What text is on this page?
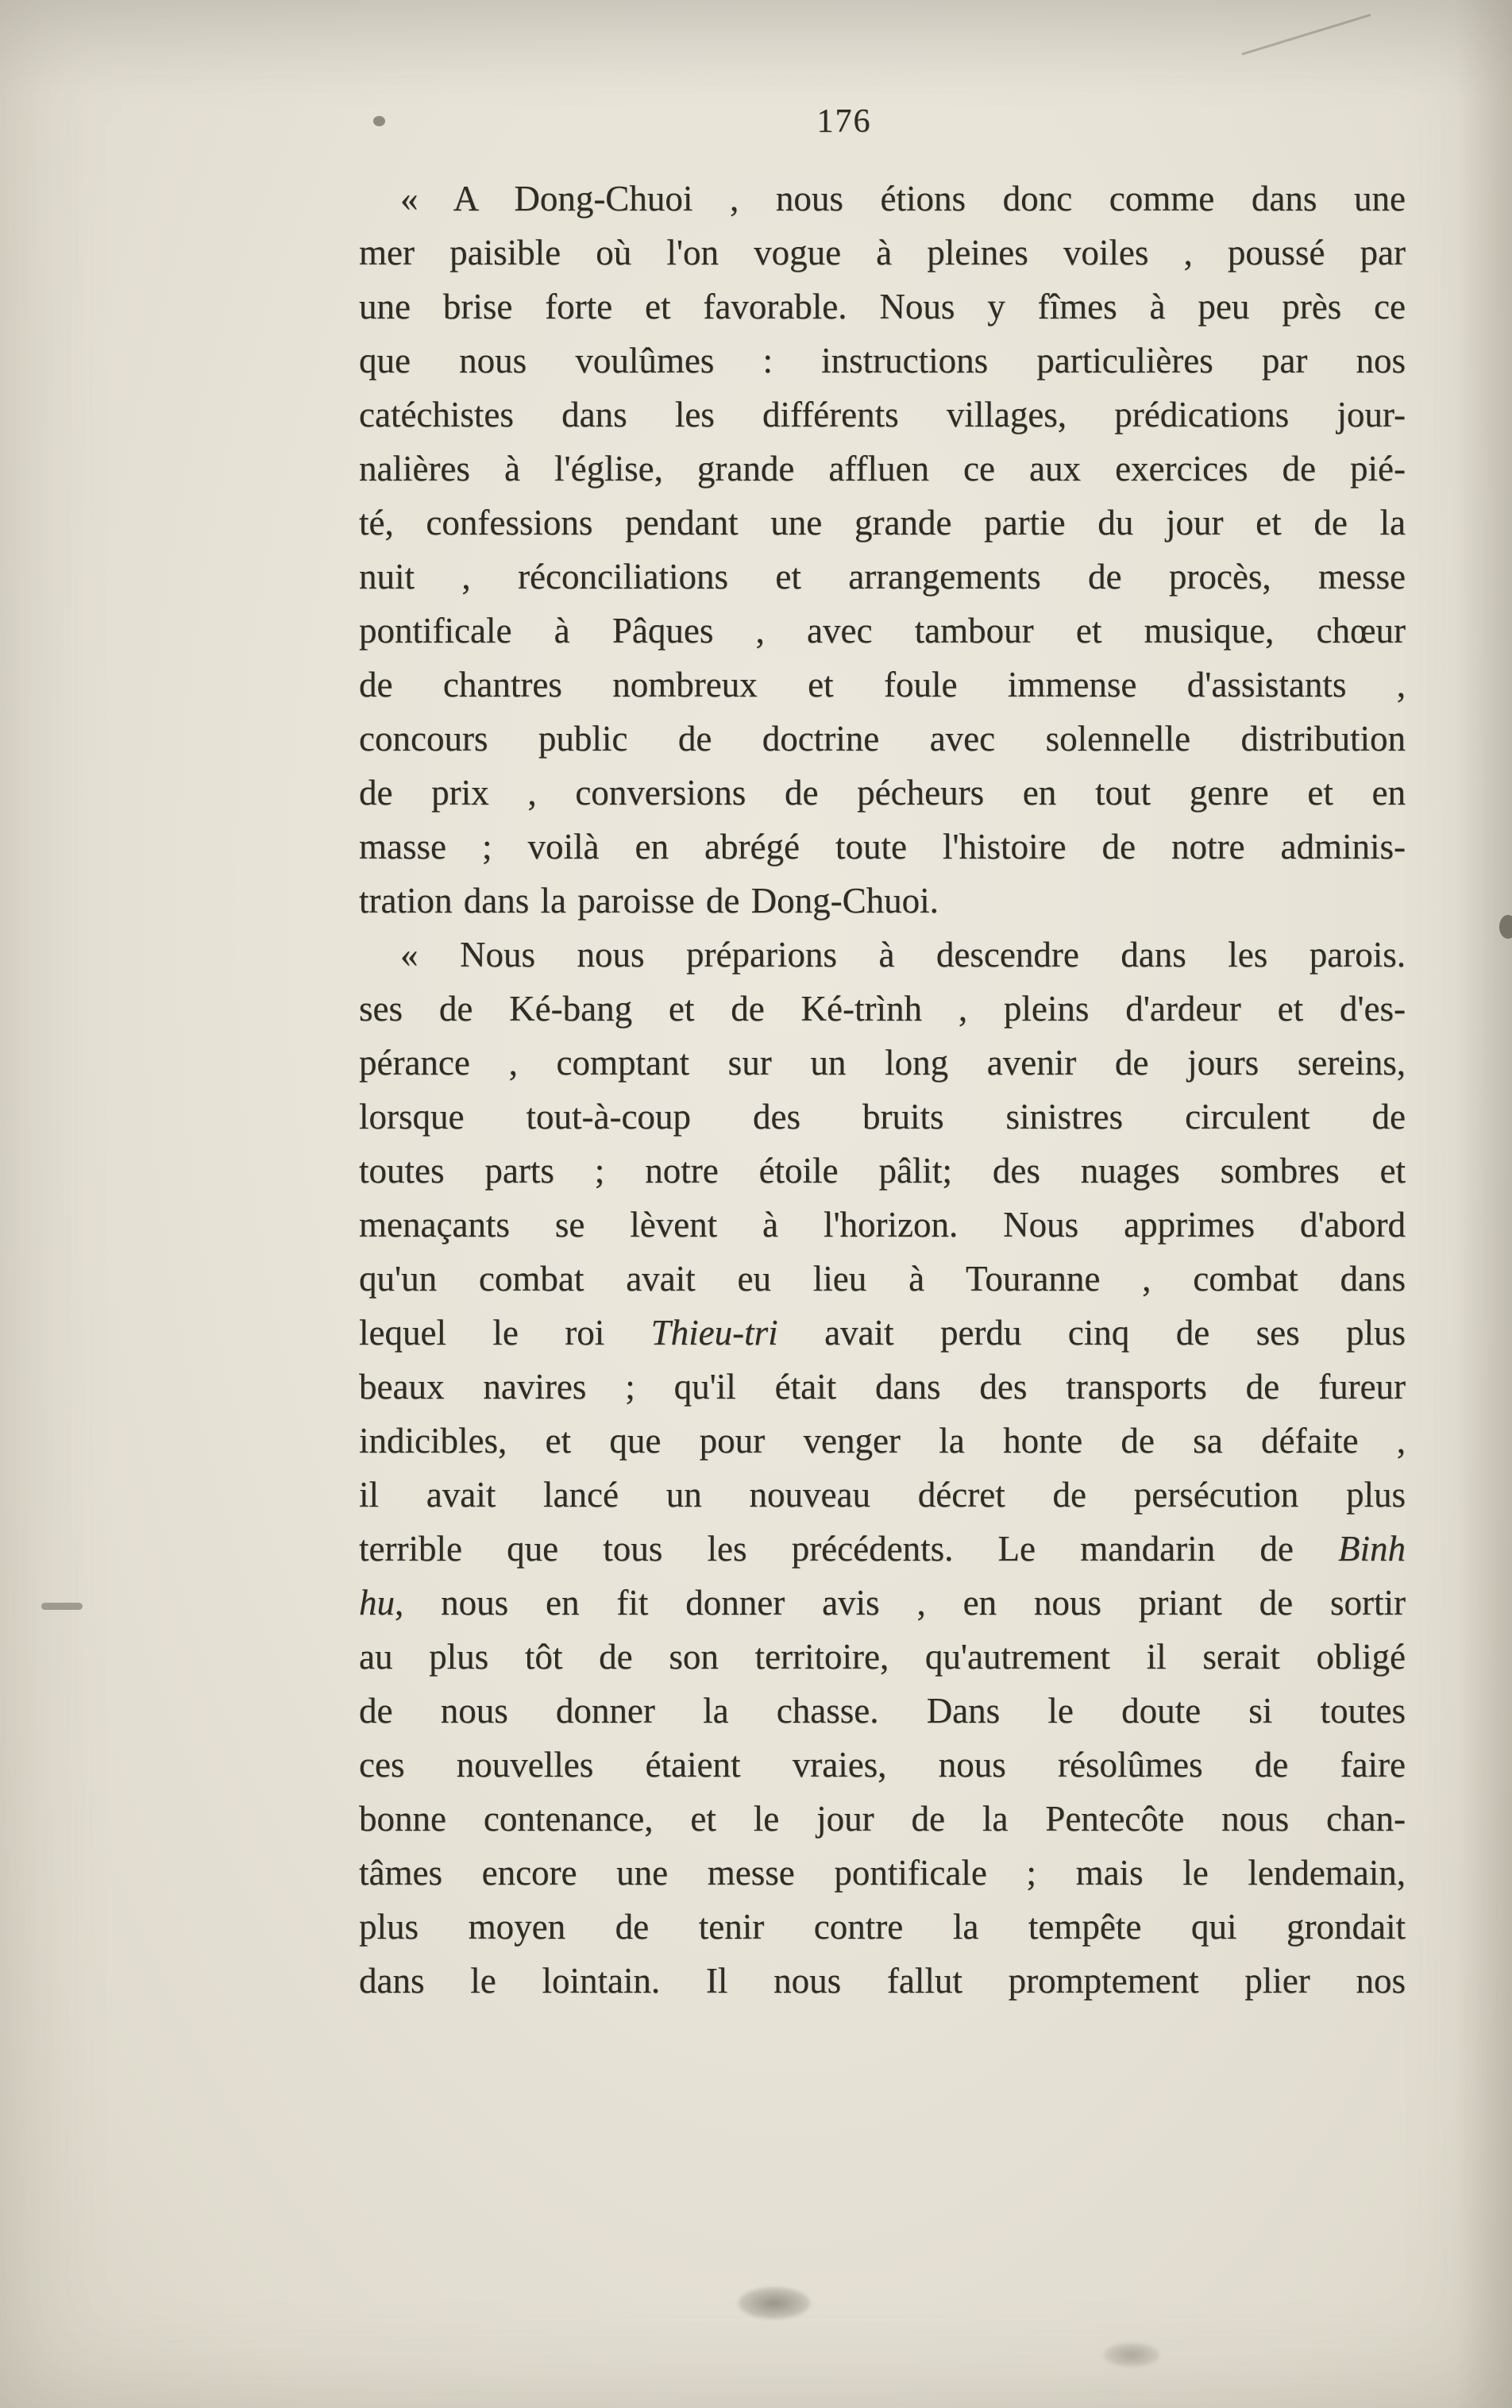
176
« A Dong-Chuoi , nous étions donc comme dans une
mer paisible où l'on vogue à pleines voiles , poussé par
une brise forte et favorable. Nous y fîmes à peu près ce
que nous voulûmes : instructions particulières par nos
catéchistes dans les différents villages, prédications jour-
nalières à l'église, grande affluen ce aux exercices de pié-
té, confessions pendant une grande partie du jour et de la
nuit , réconciliations et arrangements de procès, messe
pontificale à Pâques , avec tambour et musique, chœur
de chantres nombreux et foule immense d'assistants ,
concours public de doctrine avec solennelle distribution
de prix , conversions de pécheurs en tout genre et en
masse ; voilà en abrégé toute l'histoire de notre adminis-
tration dans la paroisse de Dong-Chuoi.
« Nous nous préparions à descendre dans les parois.
ses de Ké-bang et de Ké-trình , pleins d'ardeur et d'es-
pérance , comptant sur un long avenir de jours sereins,
lorsque tout-à-coup des bruits sinistres circulent de
toutes parts ; notre étoile pâlit; des nuages sombres et
menaçants se lèvent à l'horizon. Nous apprimes d'abord
qu'un combat avait eu lieu à Touranne , combat dans
lequel le roi Thieu-tri avait perdu cinq de ses plus
beaux navires ; qu'il était dans des transports de fureur
indicibles, et que pour venger la honte de sa défaite ,
il avait lancé un nouveau décret de persécution plus
terrible que tous les précédents. Le mandarin de Binh
hu, nous en fit donner avis , en nous priant de sortir
au plus tôt de son territoire, qu'autrement il serait obligé
de nous donner la chasse. Dans le doute si toutes
ces nouvelles étaient vraies, nous résolûmes de faire
bonne contenance, et le jour de la Pentecôte nous chan-
tâmes encore une messe pontificale ; mais le lendemain,
plus moyen de tenir contre la tempête qui grondait
dans le lointain. Il nous fallut promptement plier nos
